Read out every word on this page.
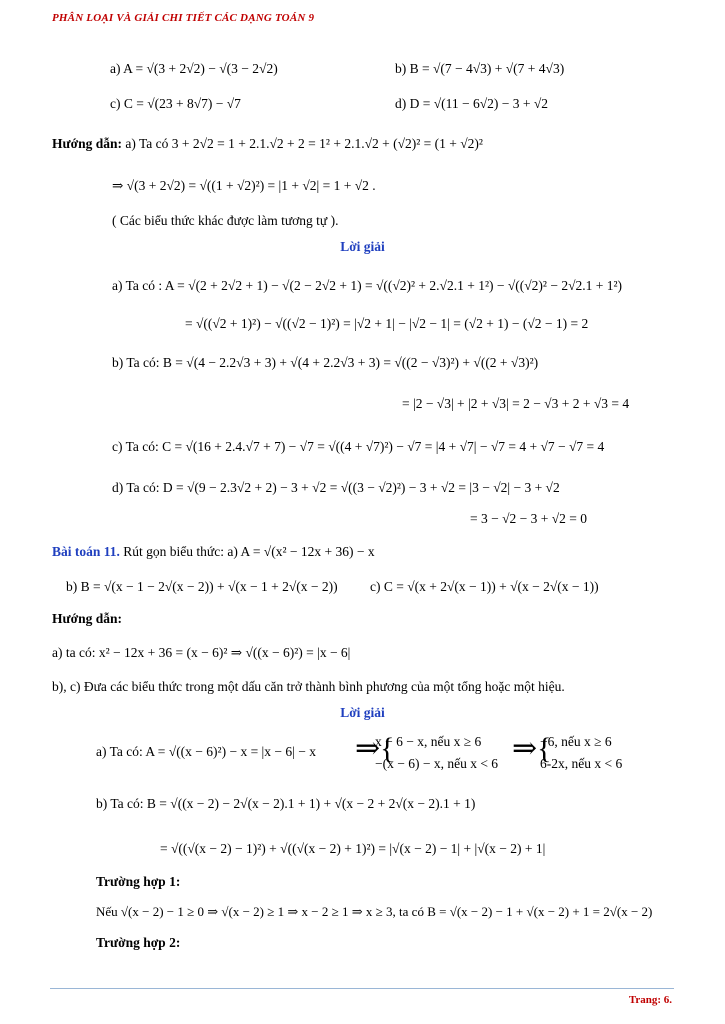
PHÂN LOẠI VÀ GIẢI CHI TIẾT CÁC DẠNG TOÁN 9
a) A = √(3 + 2√2) − √(3 − 2√2)	b) B = √(7 − 4√3) + √(7 + 4√3)
c) C = √(23 + 8√7) − √7	d) D = √(11 − 6√2) − 3 + √2
Hướng dẫn: a) Ta có 3 + 2√2 = 1 + 2.1.√2 + 2 = 1² + 2.1.√2 + (√2)² = (1 + √2)²
⇒ √(3 + 2√2) = √((1 + √2)²) = |1 + √2| = 1 + √2 .
( Các biểu thức khác được làm tương tự ).
Lời giải
a) Ta có : A = √(2 + 2√2 + 1) − √(2 − 2√2 + 1) = √((√2)² + 2.√2.1 + 1²) − √((√2)² − 2√2.1 + 1²)
= √((√2 + 1)²) − √((√2 − 1)²) = |√2 + 1| − |√2 − 1| = (√2 + 1) − (√2 − 1) = 2
b) Ta có: B = √(4 − 2.2√3 + 3) + √(4 + 2.2√3 + 3) = √((2 − √3)²) + √((2 + √3)²)
= |2 − √3| + |2 + √3| = 2 − √3 + 2 + √3 = 4
c) Ta có: C = √(16 + 2.4.√7 + 7) − √7 = √((4 + √7)²) − √7 = |4 + √7| − √7 = 4 + √7 − √7 = 4
d) Ta có: D = √(9 − 2.3√2 + 2) − 3 + √2 = √((3 − √2)²) − 3 + √2 = |3 − √2| − 3 + √2
= 3 − √2 − 3 + √2 = 0
Bài toán 11. Rút gọn biểu thức: a) A = √(x² − 12x + 36) − x
b) B = √(x − 1 − 2√(x − 2)) + √(x − 1 + 2√(x − 2)) c) C = √(x + 2√(x − 1)) + √(x − 2√(x − 1))
Hướng dẫn:
a) ta có: x² − 12x + 36 = (x − 6)² ⇒ √((x − 6)²) = |x − 6|
b), c) Đưa các biểu thức trong một dấu căn trở thành bình phương của một tổng hoặc một hiệu.
Lời giải
a) Ta có: A = √((x − 6)²) − x = |x − 6| − x ⇒{
x − 6 − x, nếu x ≥ 6
−(x − 6) − x, nếu x < 6 ⇒{
−6, nếu x ≥ 6
6-2x, nếu x < 6
b) Ta có: B = √((x − 2) − 2√(x − 2).1 + 1) + √(x − 2 + 2√(x − 2).1 + 1)
= √((√(x − 2) − 1)²) + √((√(x − 2) + 1)²) = |√(x − 2) − 1| + |√(x − 2) + 1|
Trường hợp 1:
Nếu √(x − 2) − 1 ≥ 0 ⇒ √(x − 2) ≥ 1 ⇒ x − 2 ≥ 1 ⇒ x ≥ 3, ta có B = √(x − 2) − 1 + √(x − 2) + 1 = 2√(x − 2)
Trường hợp 2:
Trang: 6.
